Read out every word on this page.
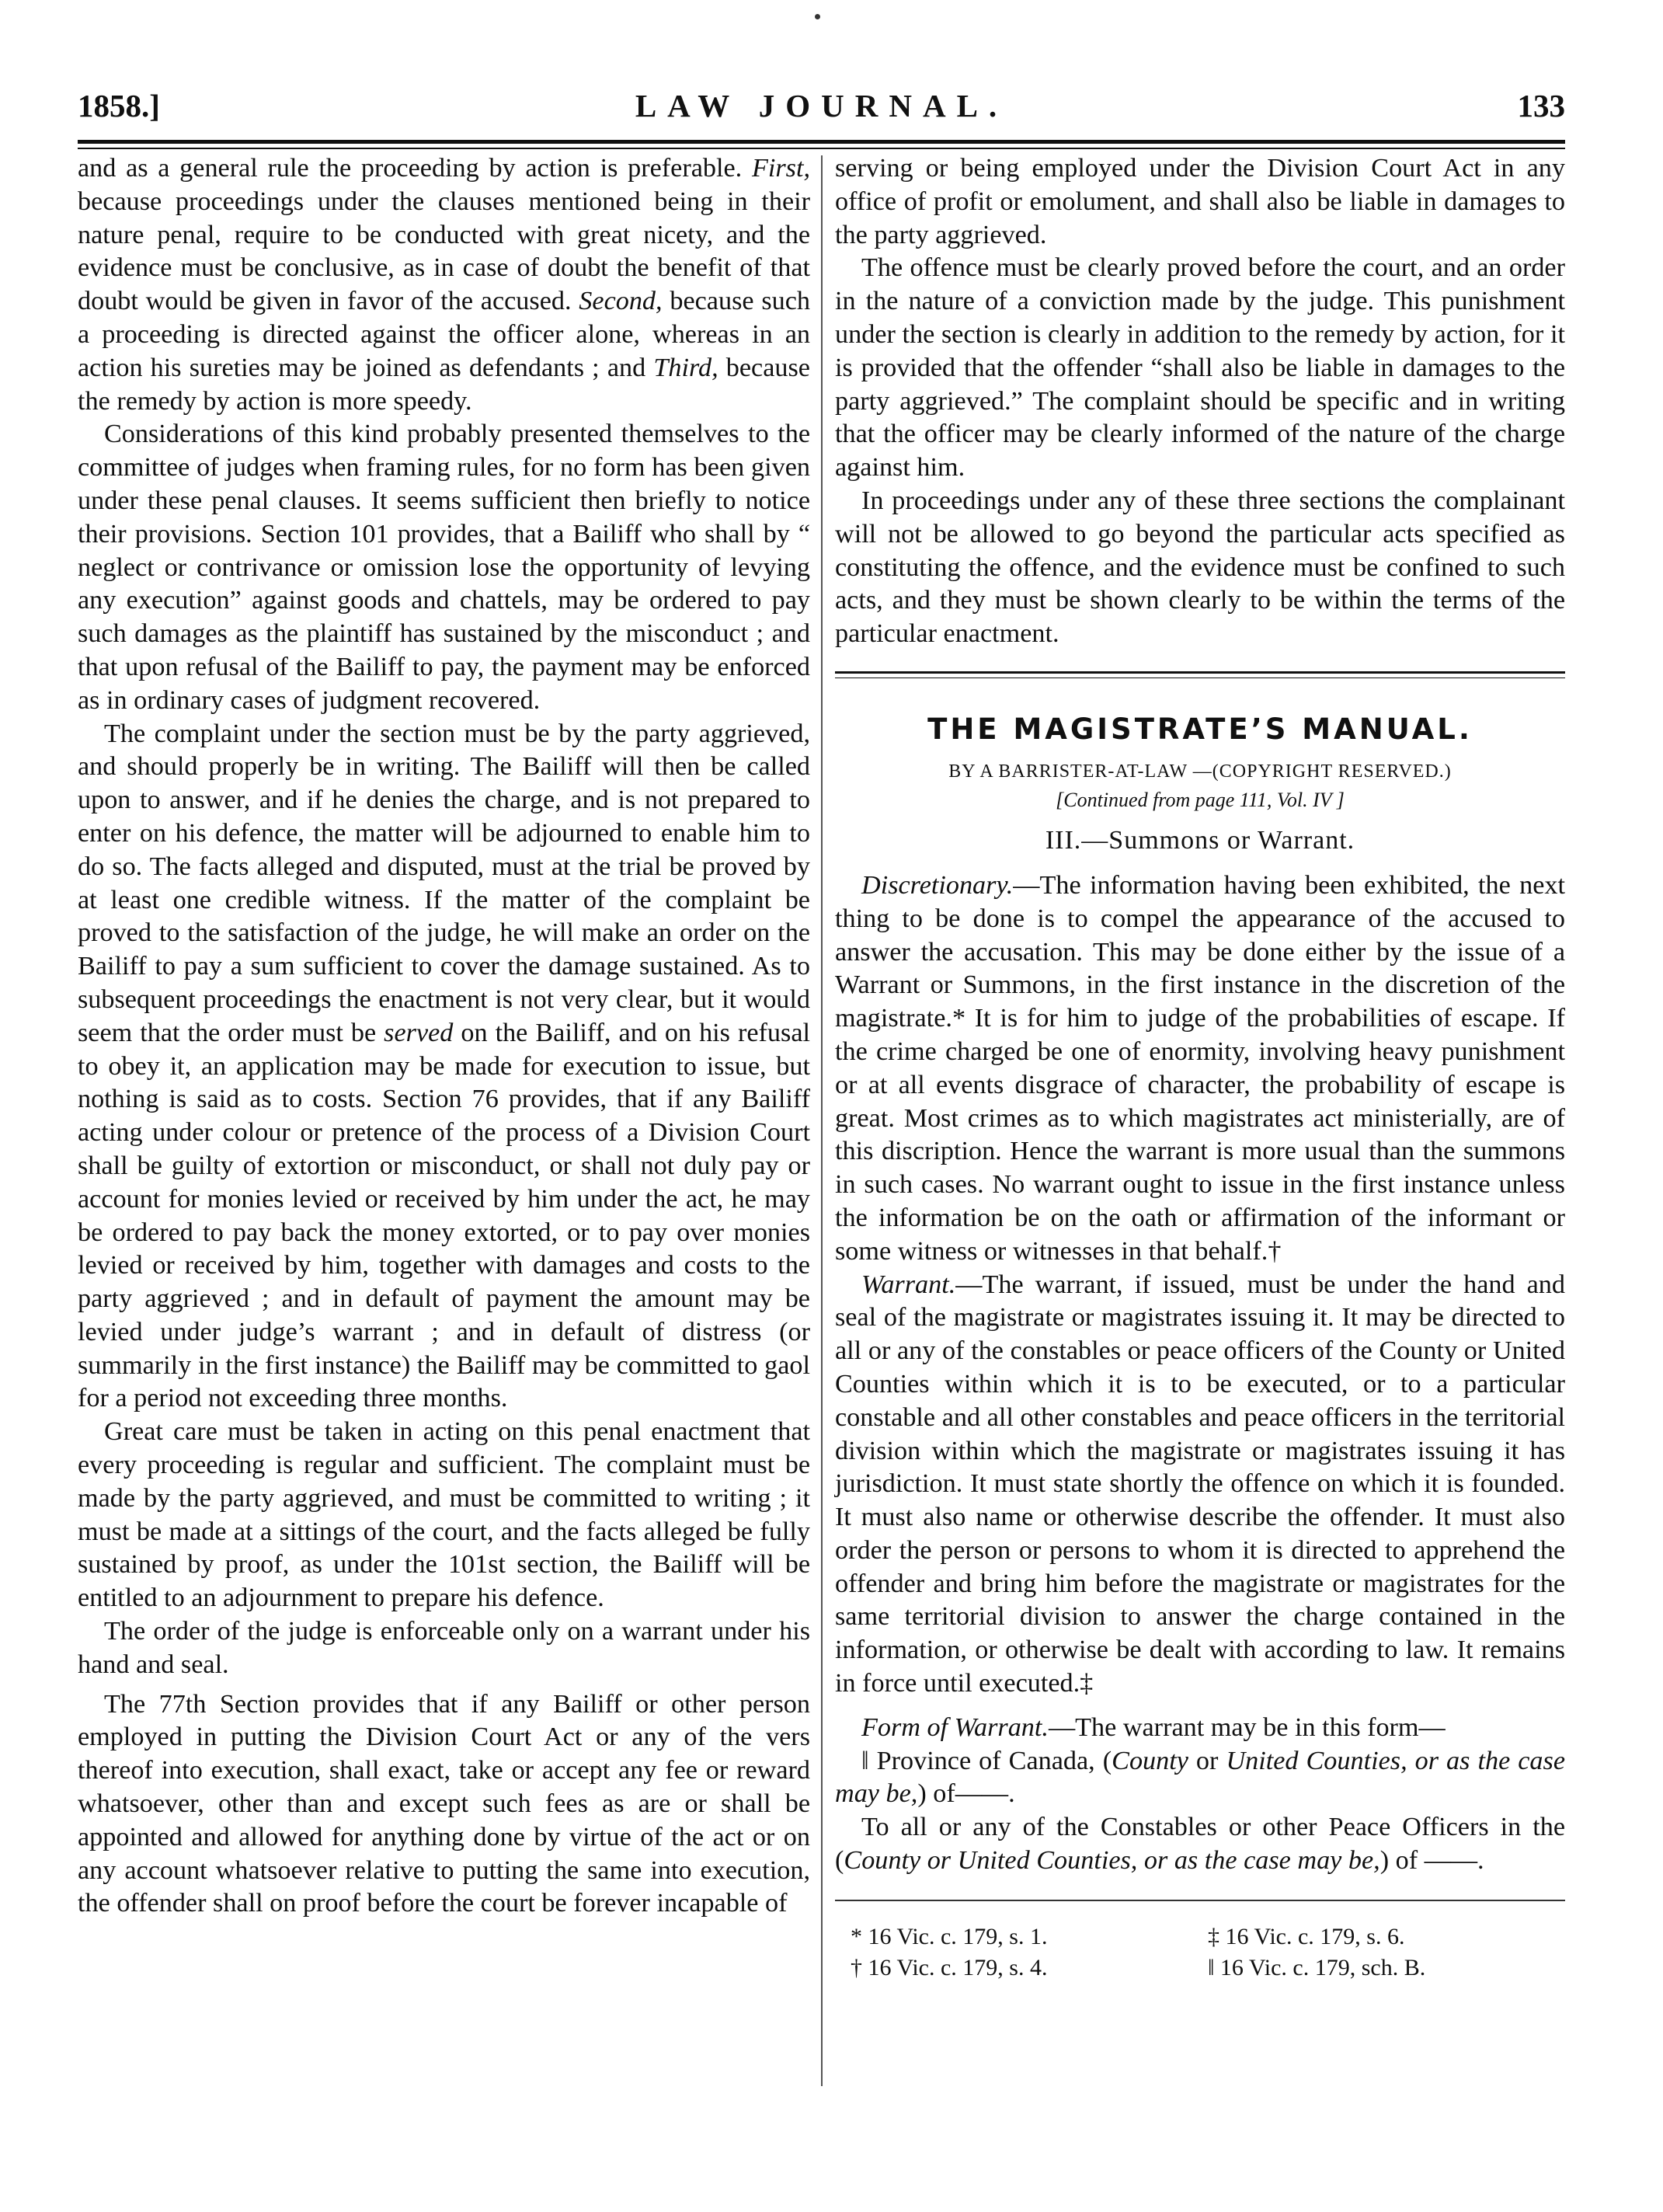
1858.]	LAW JOURNAL.	133

and as a general rule the proceeding by action is preferable. First, because proceedings under the clauses mentioned being in their nature penal, require to be conducted with great nicety, and the evidence must be conclusive, as in case of doubt the benefit of that doubt would be given in favor of the accused. Second, because such a proceeding is directed against the officer alone, whereas in an action his sureties may be joined as defendants ; and Third, because the remedy by action is more speedy.

Considerations of this kind probably presented themselves to the committee of judges when framing rules, for no form has been given under these penal clauses. It seems sufficient then briefly to notice their provisions. Section 101 provides, that a Bailiff who shall by “ neglect or contrivance or omission lose the opportunity of levying any execution” against goods and chattels, may be ordered to pay such damages as the plaintiff has sustained by the misconduct ; and that upon refusal of the Bailiff to pay, the payment may be enforced as in ordinary cases of judgment recovered.

The complaint under the section must be by the party aggrieved, and should properly be in writing. The Bailiff will then be called upon to answer, and if he denies the charge, and is not prepared to enter on his defence, the matter will be adjourned to enable him to do so. The facts alleged and disputed, must at the trial be proved by at least one credible witness. If the matter of the complaint be proved to the satisfaction of the judge, he will make an order on the Bailiff to pay a sum sufficient to cover the damage sustained. As to subsequent proceedings the enactment is not very clear, but it would seem that the order must be served on the Bailiff, and on his refusal to obey it, an application may be made for execution to issue, but nothing is said as to costs. Section 76 provides, that if any Bailiff acting under colour or pretence of the process of a Division Court shall be guilty of extortion or misconduct, or shall not duly pay or account for monies levied or received by him under the act, he may be ordered to pay back the money extorted, or to pay over monies levied or received by him, together with damages and costs to the party aggrieved ; and in default of payment the amount may be levied under judge’s warrant ; and in default of distress (or summarily in the first instance) the Bailiff may be committed to gaol for a period not exceeding three months.

Great care must be taken in acting on this penal enactment that every proceeding is regular and sufficient. The complaint must be made by the party aggrieved, and must be committed to writing ; it must be made at a sittings of the court, and the facts alleged be fully sustained by proof, as under the 101st section, the Bailiff will be entitled to an adjournment to prepare his defence.

The order of the judge is enforceable only on a warrant under his hand and seal.

The 77th Section provides that if any Bailiff or other person employed in putting the Division Court Act or any of the vers thereof into execution, shall exact, take or accept any fee or reward whatsoever, other than and except such fees as are or shall be appointed and allowed for anything done by virtue of the act or on any account whatsoever relative to putting the same into execution, the offender shall on proof before the court be forever incapable of

serving or being employed under the Division Court Act in any office of profit or emolument, and shall also be liable in damages to the party aggrieved.

The offence must be clearly proved before the court, and an order in the nature of a conviction made by the judge. This punishment under the section is clearly in addition to the remedy by action, for it is provided that the offender “shall also be liable in damages to the party aggrieved.” The complaint should be specific and in writing that the officer may be clearly informed of the nature of the charge against him.

In proceedings under any of these three sections the complainant will not be allowed to go beyond the particular acts specified as constituting the offence, and the evidence must be confined to such acts, and they must be shown clearly to be within the terms of the particular enactment.

THE MAGISTRATE’S MANUAL.
BY A BARRISTER-AT-LAW —(COPYRIGHT RESERVED.)
[Continued from page 111, Vol. IV ]
III.—Summons or Warrant.

Discretionary.—The information having been exhibited, the next thing to be done is to compel the appearance of the accused to answer the accusation. This may be done either by the issue of a Warrant or Summons, in the first instance in the discretion of the magistrate.* It is for him to judge of the probabilities of escape. If the crime charged be one of enormity, involving heavy punishment or at all events disgrace of character, the probability of escape is great. Most crimes as to which magistrates act ministerially, are of this discription. Hence the warrant is more usual than the summons in such cases. No warrant ought to issue in the first instance unless the information be on the oath or affirmation of the informant or some witness or witnesses in that behalf.†

Warrant.—The warrant, if issued, must be under the hand and seal of the magistrate or magistrates issuing it. It may be directed to all or any of the constables or peace officers of the County or United Counties within which it is to be executed, or to a particular constable and all other constables and peace officers in the territorial division within which the magistrate or magistrates issuing it has jurisdiction. It must state shortly the offence on which it is founded. It must also name or otherwise describe the offender. It must also order the person or persons to whom it is directed to apprehend the offender and bring him before the magistrate or magistrates for the same territorial division to answer the charge contained in the information, or otherwise be dealt with according to law. It remains in force until executed.‡

Form of Warrant.—The warrant may be in this form—

‖ Province of Canada, (County or United Counties, or as the case may be,) of——.

To all or any of the Constables or other Peace Officers in the (County or United Counties, or as the case may be,) of ——.

* 16 Vic. c. 179, s. 1.	‡ 16 Vic. c. 179, s. 6.
† 16 Vic. c. 179, s. 4.	‖ 16 Vic. c. 179, sch. B.
